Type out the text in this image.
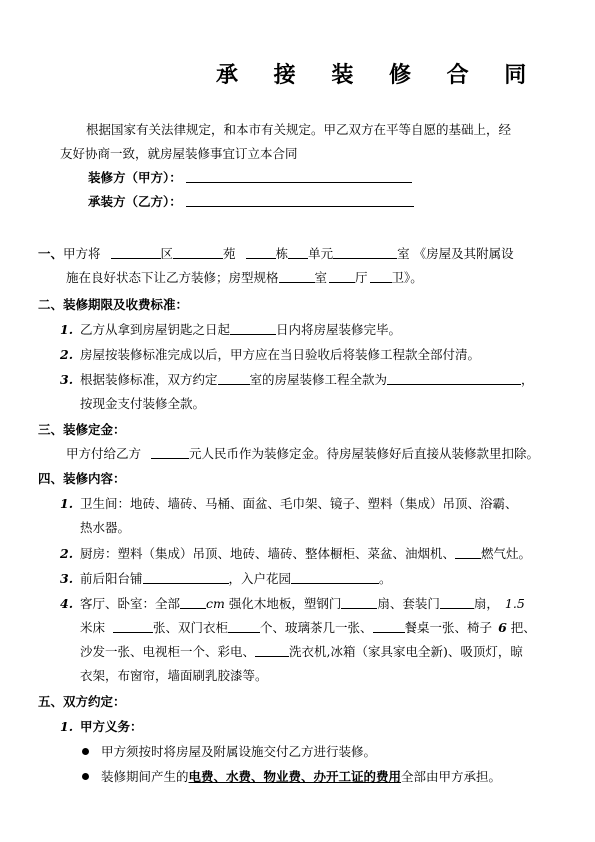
承 接 装 修 合 同
根据国家有关法律规定，和本市有关规定。甲乙双方在平等自愿的基础上，经
友好协商一致，就房屋装修事宜订立本合同
装修方（甲方）：
承装方（乙方）：
一、甲方将	区	苑	栋 单元	室 《房屋及其附属设
施在良好状态下让乙方装修；房型规格	室 厅 卫》。
二、装修期限及收费标准：
1. 乙方从拿到房屋钥匙之日起	日内将房屋装修完毕。
2. 房屋按装修标准完成以后，甲方应在当日验收后将装修工程款全部付清。
3. 根据装修标准，双方约定	室的房屋装修工程全款为	，
按现金支付装修全款。
三、装修定金：
甲方付给乙方	元人民币作为装修定金。待房屋装修好后直接从装修款里扣除。
四、装修内容：
1. 卫生间：地砖、墙砖、马桶、面盆、毛巾架、镜子、塑料（集成）吊顶、浴霸、
热水器。
2. 厨房：塑料（集成）吊顶、地砖、墙砖、整体橱柜、菜盆、油烟机、 燃气灶。
3. 前后阳台铺	，入户花园	。
4. 客厅、卧室：全部 cm 强化木地板，塑钢门	扇、套装门	扇， 1.5
米床	张、双门衣柜	个、玻璃茶几一张、	餐桌一张、椅子 6 把、
沙发一张、电视柜一个、彩电、	洗衣机,冰箱（家具家电全新)、吸顶灯，晾
衣架，布窗帘，墙面刷乳胶漆等。
五、双方约定：
1. 甲方义务：
甲方须按时将房屋及附属设施交付乙方进行装修。
装修期间产生的电费、水费、物业费、办开工证的费用全部由甲方承担。
